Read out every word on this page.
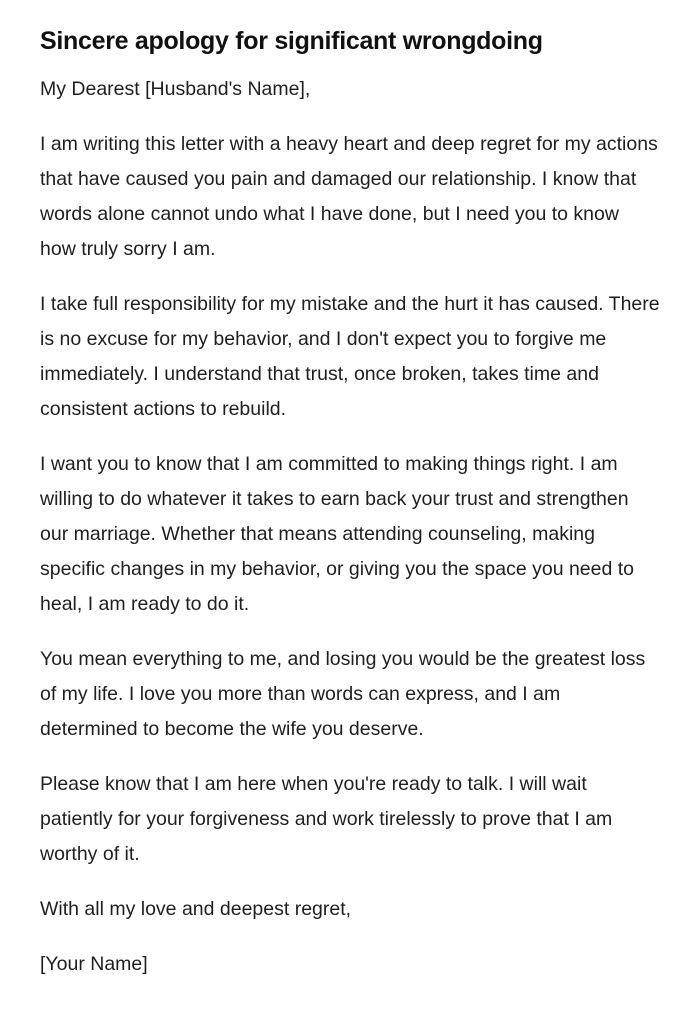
Sincere apology for significant wrongdoing

My Dearest [Husband's Name],

I am writing this letter with a heavy heart and deep regret for my actions that have caused you pain and damaged our relationship. I know that words alone cannot undo what I have done, but I need you to know how truly sorry I am.

I take full responsibility for my mistake and the hurt it has caused. There is no excuse for my behavior, and I don't expect you to forgive me immediately. I understand that trust, once broken, takes time and consistent actions to rebuild.

I want you to know that I am committed to making things right. I am willing to do whatever it takes to earn back your trust and strengthen our marriage. Whether that means attending counseling, making specific changes in my behavior, or giving you the space you need to heal, I am ready to do it.

You mean everything to me, and losing you would be the greatest loss of my life. I love you more than words can express, and I am determined to become the wife you deserve.

Please know that I am here when you're ready to talk. I will wait patiently for your forgiveness and work tirelessly to prove that I am worthy of it.

With all my love and deepest regret,

[Your Name]
